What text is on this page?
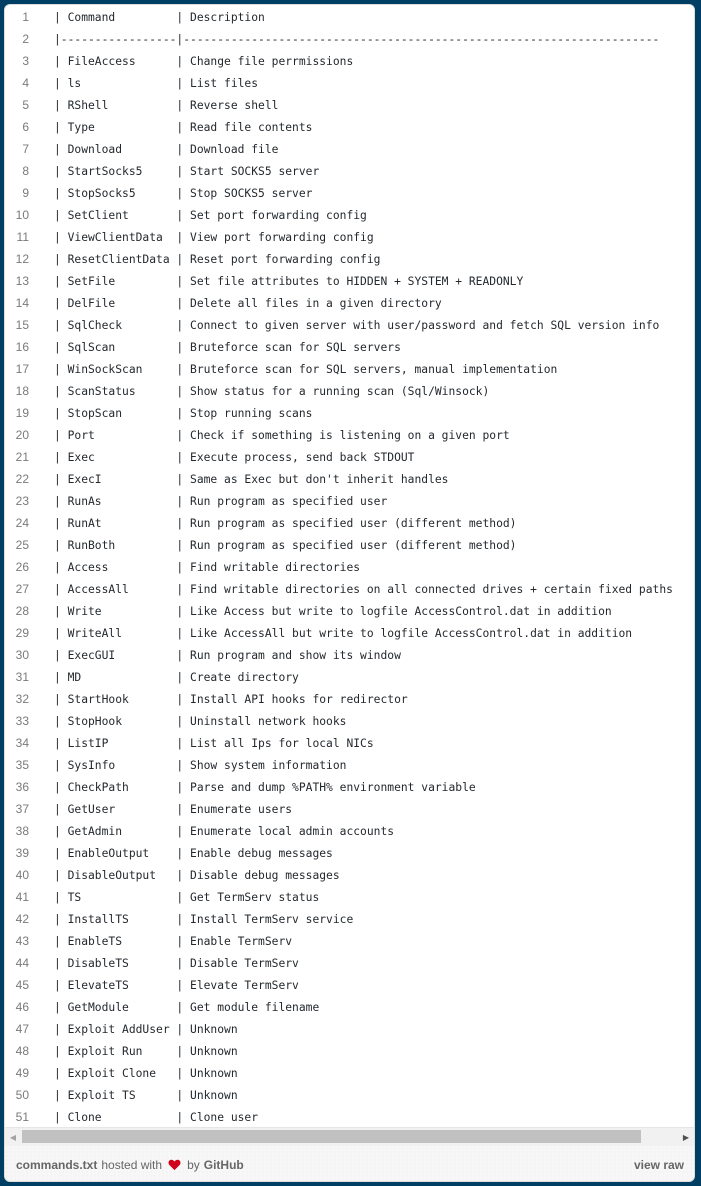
1	| Command         | Description
2	|-----------------|----------------------------------------------------------------------
3	| FileAccess      | Change file perrmissions
4	| ls              | List files
5	| RShell          | Reverse shell
6	| Type            | Read file contents
7	| Download        | Download file
8	| StartSocks5     | Start SOCKS5 server
9	| StopSocks5      | Stop SOCKS5 server
10	| SetClient       | Set port forwarding config
11	| ViewClientData  | View port forwarding config
12	| ResetClientData | Reset port forwarding config
13	| SetFile         | Set file attributes to HIDDEN + SYSTEM + READONLY
14	| DelFile         | Delete all files in a given directory
15	| SqlCheck        | Connect to given server with user/password and fetch SQL version info
16	| SqlScan         | Bruteforce scan for SQL servers
17	| WinSockScan     | Bruteforce scan for SQL servers, manual implementation
18	| ScanStatus      | Show status for a running scan (Sql/Winsock)
19	| StopScan        | Stop running scans
20	| Port            | Check if something is listening on a given port
21	| Exec            | Execute process, send back STDOUT
22	| ExecI           | Same as Exec but don't inherit handles
23	| RunAs           | Run program as specified user
24	| RunAt           | Run program as specified user (different method)
25	| RunBoth         | Run program as specified user (different method)
26	| Access          | Find writable directories
27	| AccessAll       | Find writable directories on all connected drives + certain fixed paths
28	| Write           | Like Access but write to logfile AccessControl.dat in addition
29	| WriteAll        | Like AccessAll but write to logfile AccessControl.dat in addition
30	| ExecGUI         | Run program and show its window
31	| MD              | Create directory
32	| StartHook       | Install API hooks for redirector
33	| StopHook        | Uninstall network hooks
34	| ListIP          | List all Ips for local NICs
35	| SysInfo         | Show system information
36	| CheckPath       | Parse and dump %PATH% environment variable
37	| GetUser         | Enumerate users
38	| GetAdmin        | Enumerate local admin accounts
39	| EnableOutput    | Enable debug messages
40	| DisableOutput   | Disable debug messages
41	| TS              | Get TermServ status
42	| InstallTS       | Install TermServ service
43	| EnableTS        | Enable TermServ
44	| DisableTS       | Disable TermServ
45	| ElevateTS       | Elevate TermServ
46	| GetModule       | Get module filename
47	| Exploit AddUser | Unknown
48	| Exploit Run     | Unknown
49	| Exploit Clone   | Unknown
50	| Exploit TS      | Unknown
51	| Clone           | Clone user
◀	▶
commands.txt hosted with by GitHub	view raw
